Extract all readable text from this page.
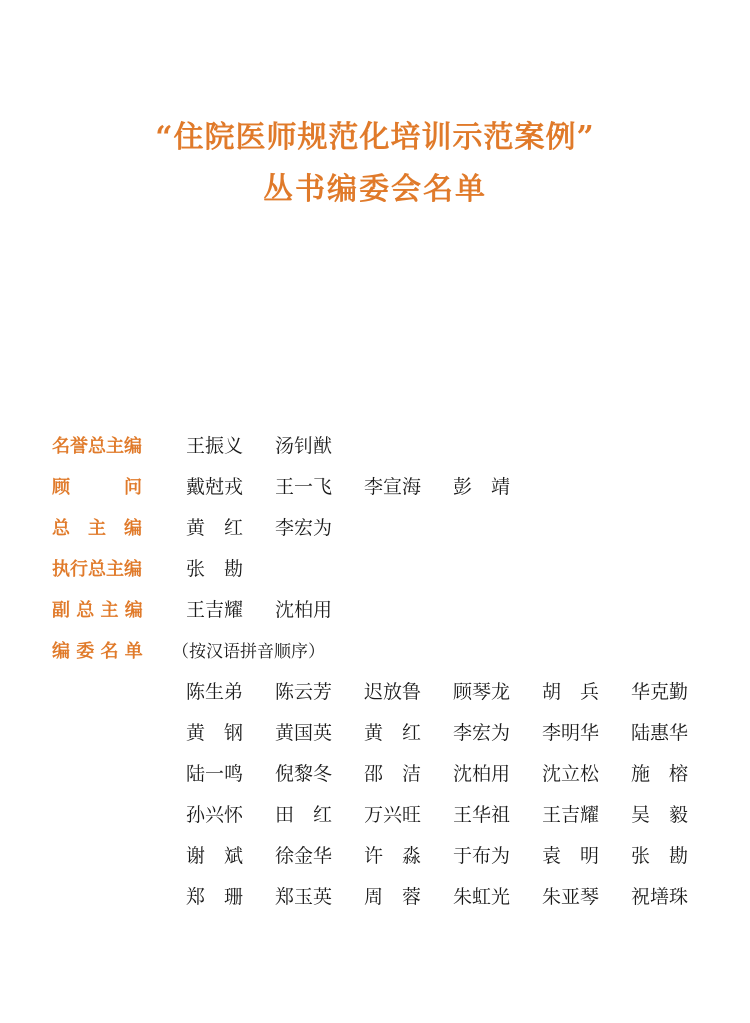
“住院医师规范化培训示范案例”
丛书编委会名单
名誉总主编	王振义	汤钊猷
顾　　　问	戴尅戎	王一飞	李宣海	彭　靖
总　主　编	黄　红	李宏为
执行总主编	张　勘
副 总 主 编	王吉耀	沈柏用
编 委 名 单	（按汉语拼音顺序）
陈生弟	陈云芳	迟放鲁	顾琴龙	胡　兵	华克勤
黄　钢	黄国英	黄　红	李宏为	李明华	陆惠华
陆一鸣	倪黎冬	邵　洁	沈柏用	沈立松	施　榕
孙兴怀	田　红	万兴旺	王华祖	王吉耀	吴　毅
谢　斌	徐金华	许　淼	于布为	袁　明	张　勘
郑　珊	郑玉英	周　蓉	朱虹光	朱亚琴	祝墡珠
